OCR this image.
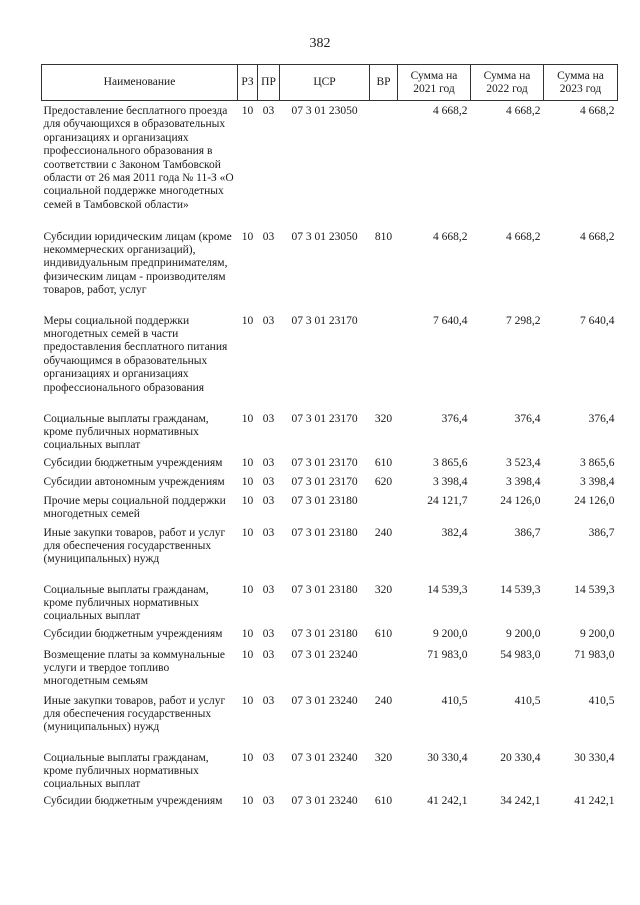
382
Наименование	РЗ	ПР	ЦСР	ВР	Сумма на 2021 год	Сумма на 2022 год	Сумма на 2023 год
Предоставление бесплатного проезда для обучающихся в образовательных организациях и организациях профессионального образования в соответствии с Законом Тамбовской области от 26 мая 2011 года № 11-З «О социальной поддержке многодетных семей в Тамбовской области»	10	03	07 3 01 23050		4 668,2	4 668,2	4 668,2
Субсидии юридическим лицам (кроме некоммерческих организаций), индивидуальным предпринимателям, физическим лицам - производителям товаров, работ, услуг	10	03	07 3 01 23050	810	4 668,2	4 668,2	4 668,2
Меры социальной поддержки многодетных семей в части предоставления бесплатного питания обучающимся в образовательных организациях и организациях профессионального образования	10	03	07 3 01 23170		7 640,4	7 298,2	7 640,4
Социальные выплаты гражданам, кроме публичных нормативных социальных выплат	10	03	07 3 01 23170	320	376,4	376,4	376,4
Субсидии бюджетным учреждениям	10	03	07 3 01 23170	610	3 865,6	3 523,4	3 865,6
Субсидии автономным учреждениям	10	03	07 3 01 23170	620	3 398,4	3 398,4	3 398,4
Прочие меры социальной поддержки многодетных семей	10	03	07 3 01 23180		24 121,7	24 126,0	24 126,0
Иные закупки товаров, работ и услуг для обеспечения государственных (муниципальных) нужд	10	03	07 3 01 23180	240	382,4	386,7	386,7
Социальные выплаты гражданам, кроме публичных нормативных социальных выплат	10	03	07 3 01 23180	320	14 539,3	14 539,3	14 539,3
Субсидии бюджетным учреждениям	10	03	07 3 01 23180	610	9 200,0	9 200,0	9 200,0
Возмещение платы за коммунальные услуги и твердое топливо многодетным семьям	10	03	07 3 01 23240		71 983,0	54 983,0	71 983,0
Иные закупки товаров, работ и услуг для обеспечения государственных (муниципальных) нужд	10	03	07 3 01 23240	240	410,5	410,5	410,5
Социальные выплаты гражданам, кроме публичных нормативных социальных выплат	10	03	07 3 01 23240	320	30 330,4	20 330,4	30 330,4
Субсидии бюджетным учреждениям	10	03	07 3 01 23240	610	41 242,1	34 242,1	41 242,1
